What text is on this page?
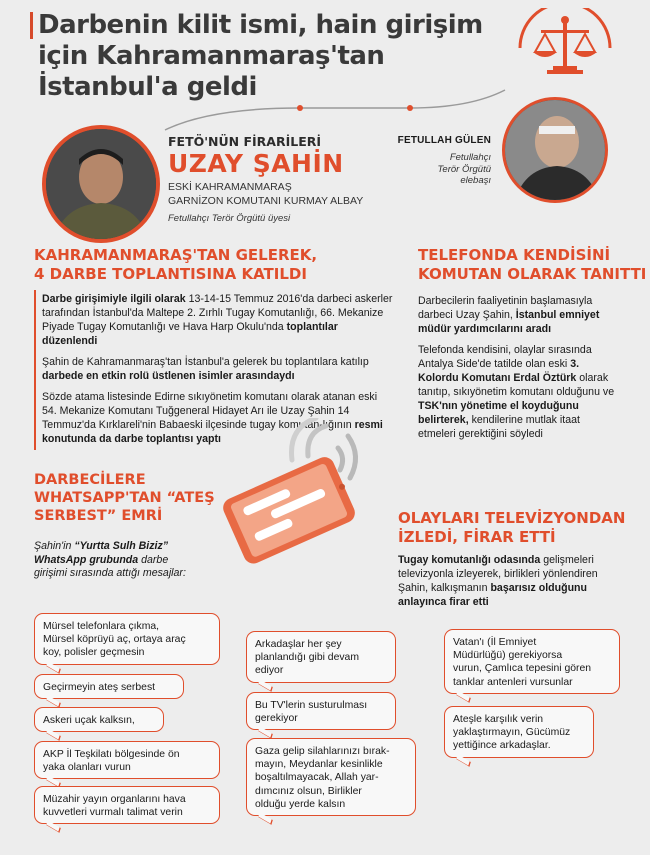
Darbenin kilit ismi, hain girişim
için Kahramanmaraş'tan
İstanbul'a geldi
FETULLAH GÜLEN
Fetullahçı
Terör Örgütü
elebaşı
FETÖ'NÜN FİRARİLERİ
UZAY ŞAHİN
ESKİ KAHRAMANMARAŞ
GARNİZON KOMUTANI KURMAY ALBAY
Fetullahçı Terör Örgütü üyesi
KAHRAMANMARAŞ'TAN GELEREK,
4 DARBE TOPLANTISINA KATILDI

Darbe girişimiyle ilgili olarak 13-14-15 Temmuz 2016'da darbeci askerler tarafından İstanbul'da Maltepe 2. Zırhlı Tugay Komutanlığı, 66. Mekanize Piyade Tugay Komutanlığı ve Hava Harp Okulu'nda toplantılar düzenlendi

Şahin de Kahramanmaraş'tan İstanbul'a gelerek bu toplantılara katılıp darbede en etkin rolü üstlenen isimler arasındaydı

Sözde atama listesinde Edirne sıkıyönetim komutanı olarak atanan eski 54. Mekanize Komutanı Tuğgeneral Hidayet Arı ile Uzay Şahin 14 Temmuz'da Kırklareli'nin Babaeski ilçesinde tugay komutan-lığının resmi konutunda da darbe toplantısı yaptı

TELEFONDA KENDİSİNİ
KOMUTAN OLARAK TANITTI

Darbecilerin faaliyetinin başlamasıyla darbeci Uzay Şahin, İstanbul emniyet müdür yardımcılarını aradı

Telefonda kendisini, olaylar sırasında Antalya Side'de tatilde olan eski 3. Kolordu Komutanı Erdal Öztürk olarak tanıtıp, sıkıyönetim komutanı olduğunu ve TSK'nın yönetime el koyduğunu belirterek, kendilerine mutlak itaat etmeleri gerektiğini söyledi

DARBECİLERE
WHATSAPP'TAN “ATEŞ
SERBEST” EMRİ
Şahin'in “Yurtta Sulh Biziz” WhatsApp grubunda darbe girişimi sırasında attığı mesajlar:
OLAYLARI TELEVİZYONDAN
İZLEDİ, FİRAR ETTİ
Tugay komutanlığı odasında gelişmeleri televizyonla izleyerek, birlikleri yönlendiren Şahin, kalkışmanın başarısız olduğunu anlayınca firar etti
Mürsel telefonlara çıkma,
Mürsel köprüyü aç, ortaya araç
koy, polisler geçmesin
Geçirmeyin ateş serbest
Askeri uçak kalksın,
AKP İl Teşkilatı bölgesinde ön
yaka olanları vurun
Müzahir yayın organlarını hava
kuvvetleri vurmalı talimat verin
Arkadaşlar her şey
planlandığı gibi devam
ediyor
Bu TV'lerin susturulması
gerekiyor
Gaza gelip silahlarınızı bırak-
mayın, Meydanlar kesinlikle
boşaltılmayacak, Allah yar-
dımcınız olsun, Birlikler
olduğu yerde kalsın
Vatan'ı (İl Emniyet
Müdürlüğü) gerekiyorsa
vurun, Çamlıca tepesini gören
tanklar antenleri vursunlar
Ateşle karşılık verin
yaklaştırmayın, Gücümüz
yettiğince arkadaşlar.
